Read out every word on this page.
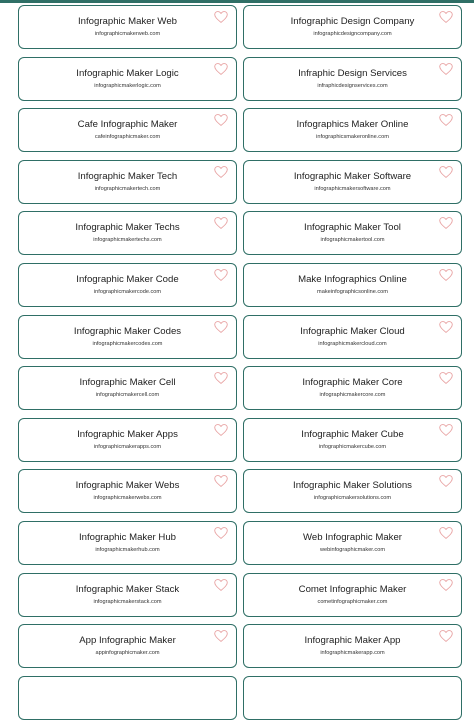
Infographic Maker Web
infographicmakerweb.com
Infographic Design Company
infographicdesigncompany.com
Infographic Maker Logic
infographicmakerlogic.com
Infraphic Design Services
infraphicdesignservices.com
Cafe Infographic Maker
cafeinfographicmaker.com
Infographics Maker Online
infographicsmakeronline.com
Infographic Maker Tech
infographicmakertech.com
Infographic Maker Software
infographicmakersoftware.com
Infographic Maker Techs
infographicmakertechs.com
Infographic Maker Tool
infographicmakertool.com
Infographic Maker Code
infographicmakercode.com
Make Infographics Online
makeinfographicsonline.com
Infographic Maker Codes
infographicmakercodes.com
Infographic Maker Cloud
infographicmakercloud.com
Infographic Maker Cell
infographicmakercell.com
Infographic Maker Core
infographicmakercore.com
Infographic Maker Apps
infographicmakerapps.com
Infographic Maker Cube
infographicmakercube.com
Infographic Maker Webs
infographicmakerwebs.com
Infographic Maker Solutions
infographicmakersolutions.com
Infographic Maker Hub
infographicmakerhub.com
Web Infographic Maker
webinfographicmaker.com
Infographic Maker Stack
infographicmakerstack.com
Comet Infographic Maker
cometinfographicmaker.com
App Infographic Maker
appinfographicmaker.com
Infographic Maker App
infographicmakerapp.com
